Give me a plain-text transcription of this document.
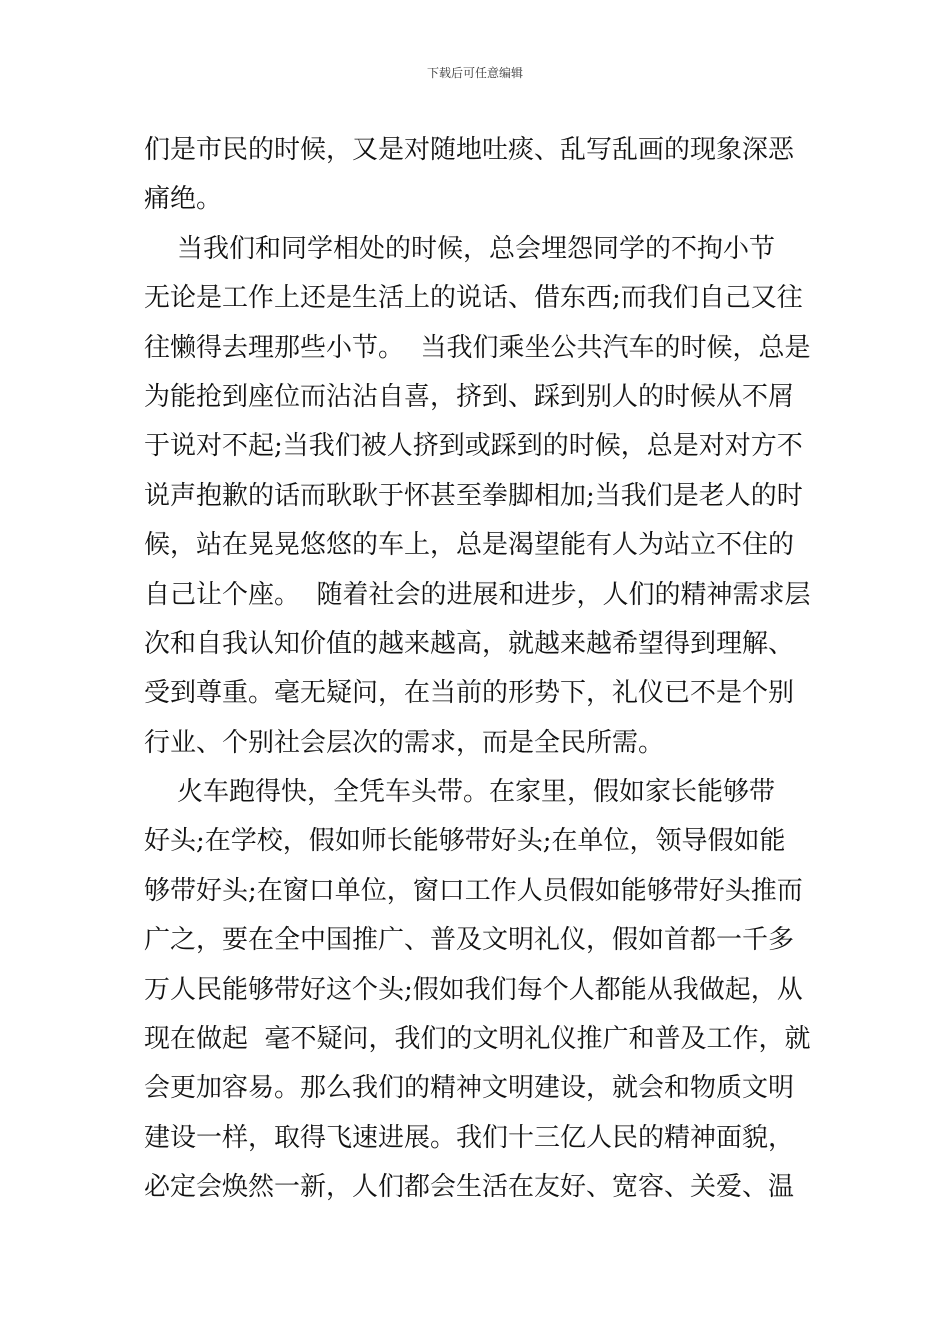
下载后可任意编辑
们是市民的时候，又是对随地吐痰、乱写乱画的现象深恶
痛绝。
当我们和同学相处的时候，总会埋怨同学的不拘小节
无论是工作上还是生活上的说话、借东西;而我们自己又往
往懒得去理那些小节。  当我们乘坐公共汽车的时候，总是
为能抢到座位而沾沾自喜，挤到、踩到别人的时候从不屑
于说对不起;当我们被人挤到或踩到的时候，总是对对方不
说声抱歉的话而耿耿于怀甚至拳脚相加;当我们是老人的时
候，站在晃晃悠悠的车上，总是渴望能有人为站立不住的
自己让个座。  随着社会的进展和进步，人们的精神需求层
次和自我认知价值的越来越高，就越来越希望得到理解、
受到尊重。毫无疑问，在当前的形势下，礼仪已不是个别
行业、个别社会层次的需求，而是全民所需。
火车跑得快，全凭车头带。在家里，假如家长能够带
好头;在学校，假如师长能够带好头;在单位，领导假如能
够带好头;在窗口单位，窗口工作人员假如能够带好头推而
广之，要在全中国推广、普及文明礼仪，假如首都一千多
万人民能够带好这个头;假如我们每个人都能从我做起，从
现在做起  毫不疑问，我们的文明礼仪推广和普及工作，就
会更加容易。那么我们的精神文明建设，就会和物质文明
建设一样，取得飞速进展。我们十三亿人民的精神面貌，
必定会焕然一新，人们都会生活在友好、宽容、关爱、温
